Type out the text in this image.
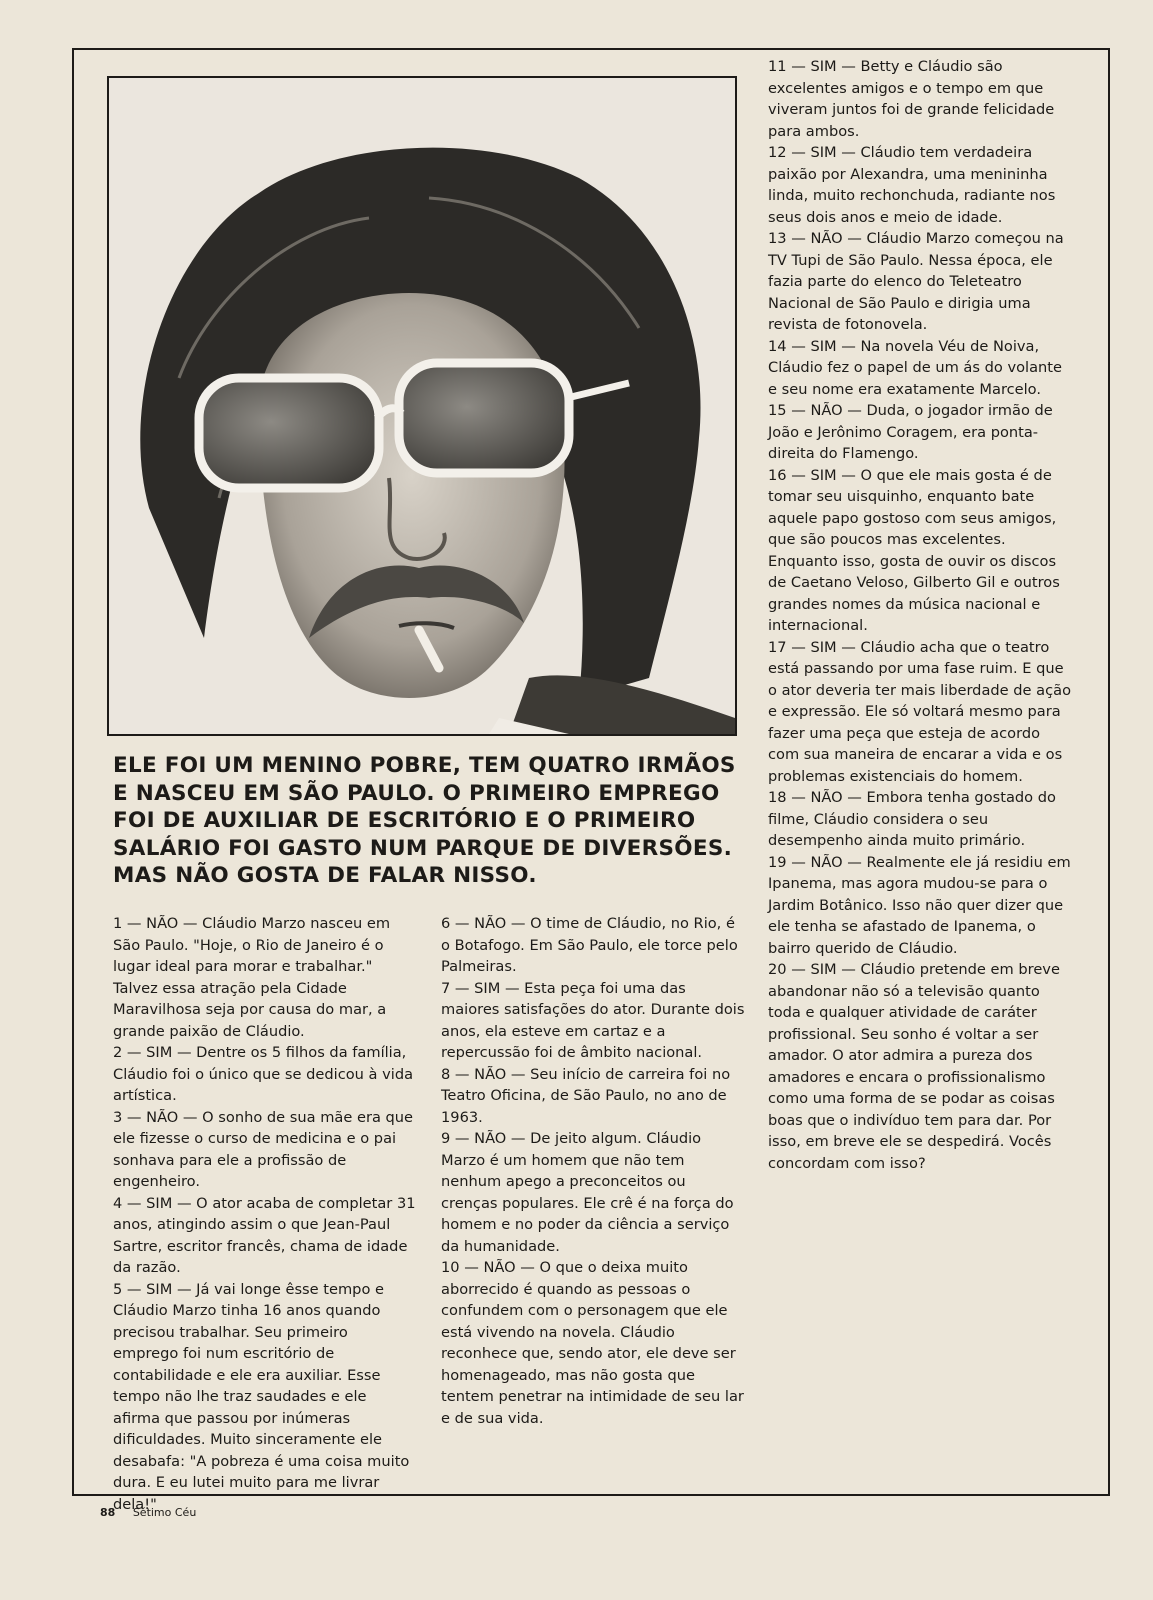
ELE FOI UM MENINO POBRE, TEM QUATRO IRMÃOS E NASCEU EM SÃO PAULO. O PRIMEIRO EMPREGO FOI DE AUXILIAR DE ESCRITÓRIO E O PRIMEIRO SALÁRIO FOI GASTO NUM PARQUE DE DIVERSÕES. MAS NÃO GOSTA DE FALAR NISSO.

1 — NÃO — Cláudio Marzo nasceu em São Paulo. "Hoje, o Rio de Janeiro é o lugar ideal para morar e trabalhar." Talvez essa atração pela Cidade Maravilhosa seja por causa do mar, a grande paixão de Cláudio.

2 — SIM — Dentre os 5 filhos da família, Cláudio foi o único que se dedicou à vida artística.

3 — NÃO — O sonho de sua mãe era que ele fizesse o curso de medicina e o pai sonhava para ele a profissão de engenheiro.

4 — SIM — O ator acaba de completar 31 anos, atingindo assim o que Jean-Paul Sartre, escritor francês, chama de idade da razão.

5 — SIM — Já vai longe êsse tempo e Cláudio Marzo tinha 16 anos quando precisou trabalhar. Seu primeiro emprego foi num escritório de contabilidade e ele era auxiliar. Esse tempo não lhe traz saudades e ele afirma que passou por inúmeras dificuldades. Muito sinceramente ele desabafa: "A pobreza é uma coisa muito dura. E eu lutei muito para me livrar dela!"

6 — NÃO — O time de Cláudio, no Rio, é o Botafogo. Em São Paulo, ele torce pelo Palmeiras.

7 — SIM — Esta peça foi uma das maiores satisfações do ator. Durante dois anos, ela esteve em cartaz e a repercussão foi de âmbito nacional.

8 — NÃO — Seu início de carreira foi no Teatro Oficina, de São Paulo, no ano de 1963.

9 — NÃO — De jeito algum. Cláudio Marzo é um homem que não tem nenhum apego a preconceitos ou crenças populares. Ele crê é na força do homem e no poder da ciência a serviço da humanidade.

10 — NÃO — O que o deixa muito aborrecido é quando as pessoas o confundem com o personagem que ele está vivendo na novela. Cláudio reconhece que, sendo ator, ele deve ser homenageado, mas não gosta que tentem penetrar na intimidade de seu lar e de sua vida.

11 — SIM — Betty e Cláudio são excelentes amigos e o tempo em que viveram juntos foi de grande felicidade para ambos.

12 — SIM — Cláudio tem verdadeira paixão por Alexandra, uma menininha linda, muito rechonchuda, radiante nos seus dois anos e meio de idade.

13 — NÃO — Cláudio Marzo começou na TV Tupi de São Paulo. Nessa época, ele fazia parte do elenco do Teleteatro Nacional de São Paulo e dirigia uma revista de fotonovela.

14 — SIM — Na novela Véu de Noiva, Cláudio fez o papel de um ás do volante e seu nome era exatamente Marcelo.

15 — NÃO — Duda, o jogador irmão de João e Jerônimo Coragem, era ponta-direita do Flamengo.

16 — SIM — O que ele mais gosta é de tomar seu uisquinho, enquanto bate aquele papo gostoso com seus amigos, que são poucos mas excelentes. Enquanto isso, gosta de ouvir os discos de Caetano Veloso, Gilberto Gil e outros grandes nomes da música nacional e internacional.

17 — SIM — Cláudio acha que o teatro está passando por uma fase ruim. E que o ator deveria ter mais liberdade de ação e expressão. Ele só voltará mesmo para fazer uma peça que esteja de acordo com sua maneira de encarar a vida e os problemas existenciais do homem.

18 — NÃO — Embora tenha gostado do filme, Cláudio considera o seu desempenho ainda muito primário.

19 — NÃO — Realmente ele já residiu em Ipanema, mas agora mudou-se para o Jardim Botânico. Isso não quer dizer que ele tenha se afastado de Ipanema, o bairro querido de Cláudio.

20 — SIM — Cláudio pretende em breve abandonar não só a televisão quanto toda e qualquer atividade de caráter profissional. Seu sonho é voltar a ser amador. O ator admira a pureza dos amadores e encara o profissionalismo como uma forma de se podar as coisas boas que o indivíduo tem para dar. Por isso, em breve ele se despedirá. Vocês concordam com isso?

88 Sétimo Céu
